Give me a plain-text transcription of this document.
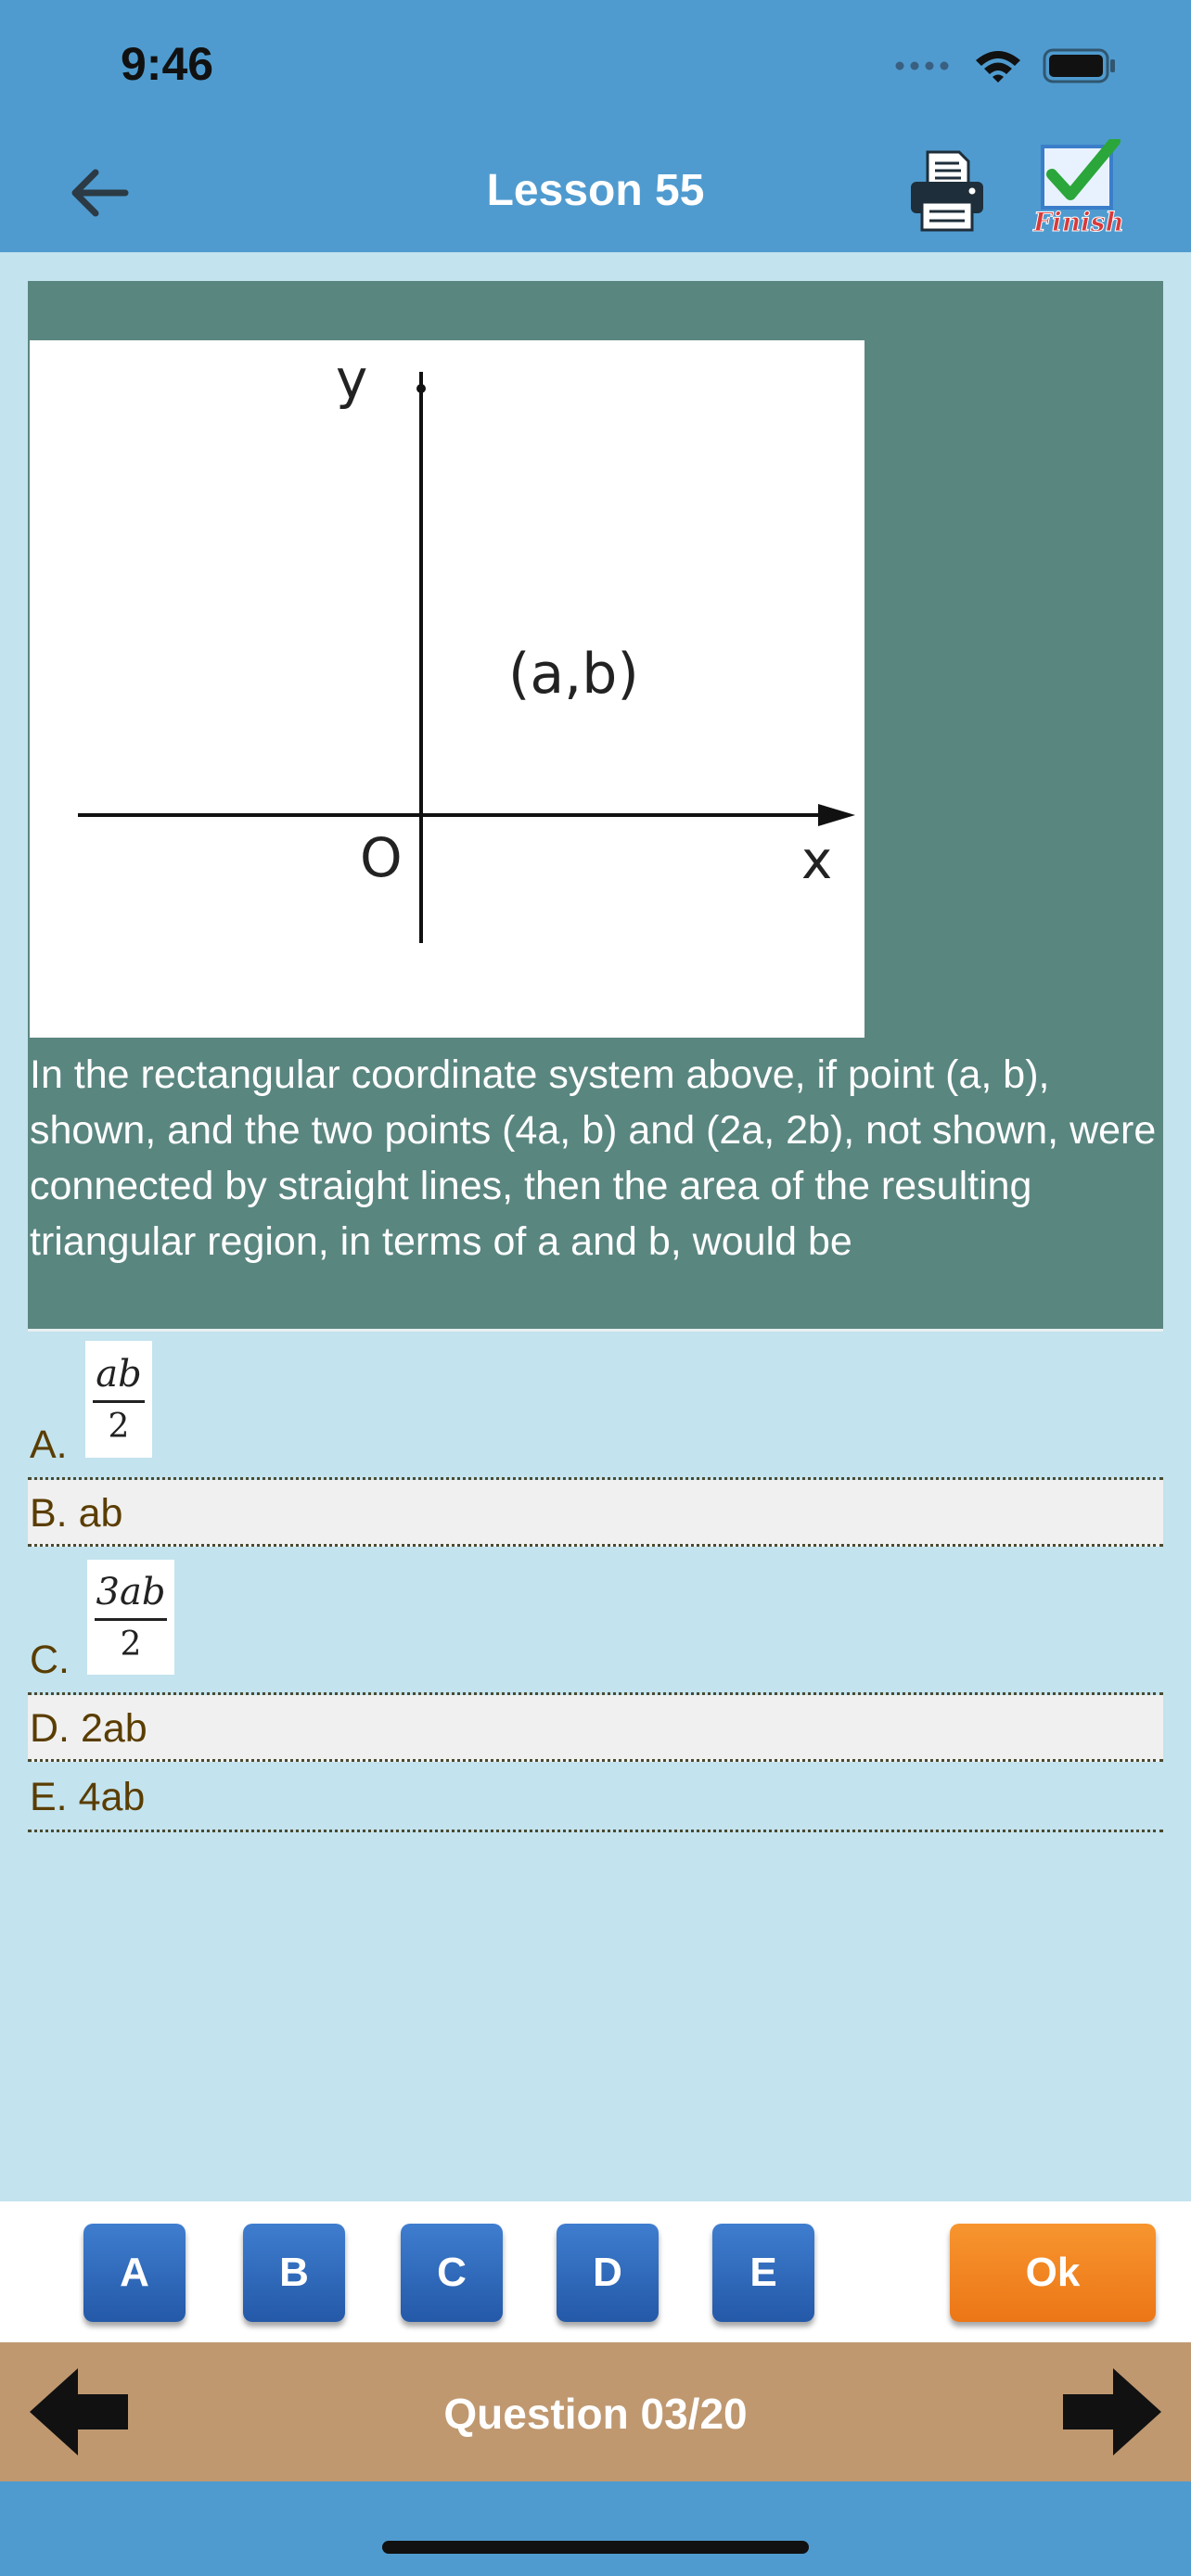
9:46
Lesson 55
Finish
y
x
O
(a,b)
In the rectangular coordinate system above, if point (a, b), shown, and the two points (4a, b) and (2a, 2b), not shown, were connected by straight lines, then the area of the resulting triangular region, in terms of a and b, would be
A.
ab
2
B. ab
C.
3ab
2
D. 2ab
E. 4ab
A	B	C	D	E	Ok
Question 03/20
